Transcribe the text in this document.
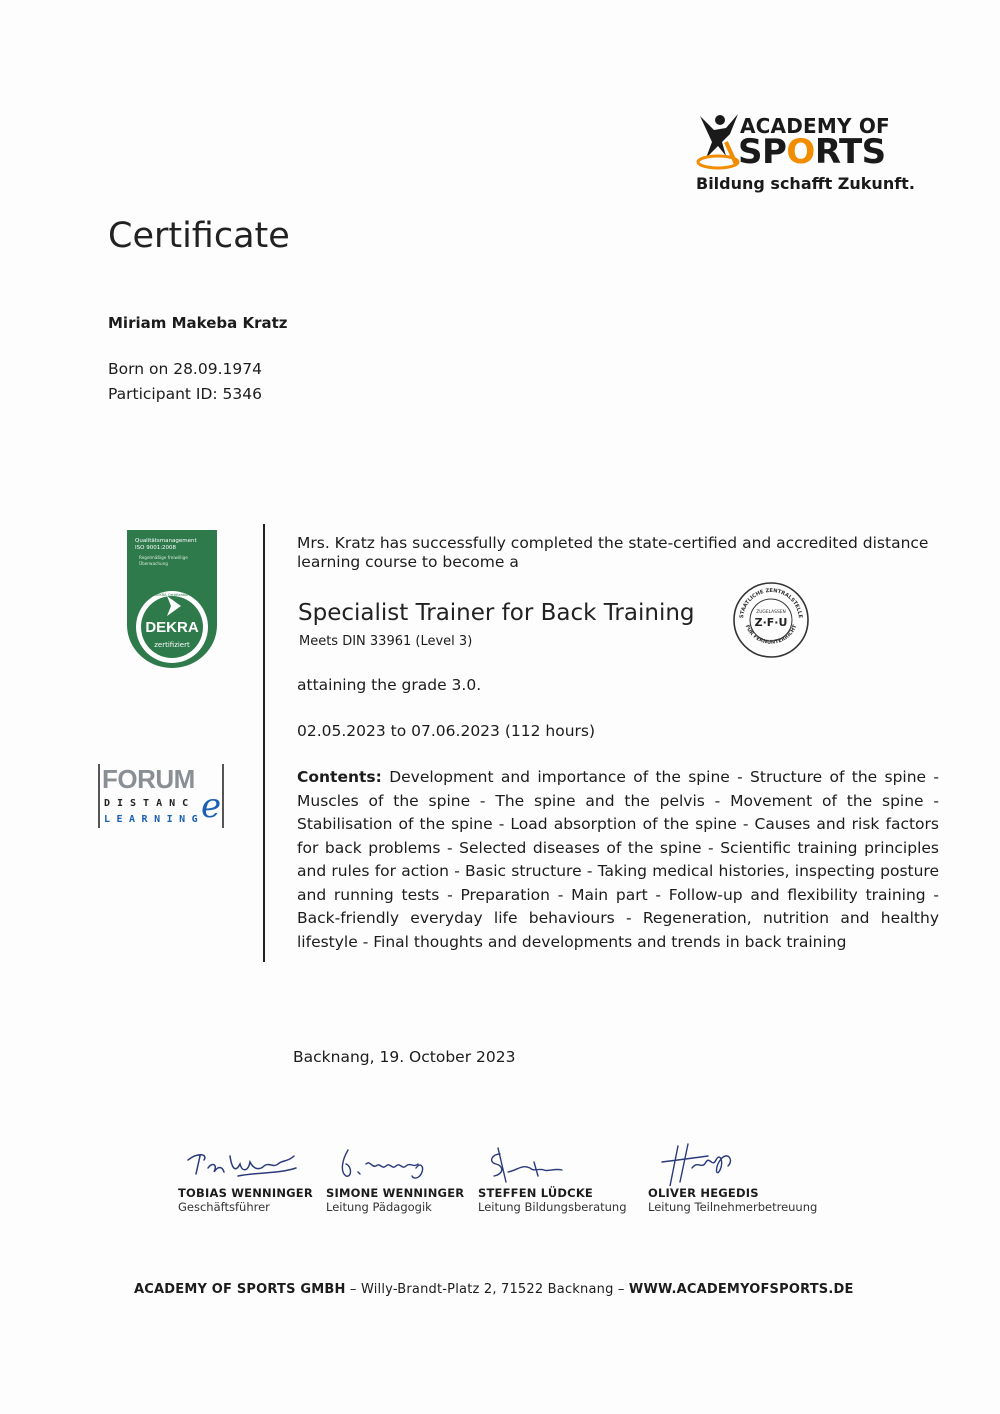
ACADEMY OF
SPORTS
Bildung schafft Zukunft.
Certificate
Miriam Makeba Kratz
Born on 28.09.1974
Participant ID: 5346
Qualitätsmanagement
ISO 9001:2008
Regelmäßige freiwillige
Überwachung
DEKRA
zertifiziert
DEKRA Certification
FORUM
DISTANC e
LEARNING
Mrs. Kratz has successfully completed the state-certified and accredited distance
learning course to become a
Specialist Trainer for Back Training
Meets DIN 33961 (Level 3)
STAATLICHE ZENTRALSTELLE
FÜR FERNUNTERRICHT
ZUGELASSEN
Z·F·U
attaining the grade 3.0.
02.05.2023 to 07.06.2023 (112 hours)
Contents: Development and importance of the spine - Structure of the spine - Muscles of the spine - The spine and the pelvis - Movement of the spine - Stabilisation of the spine - Load absorption of the spine - Causes and risk factors for back problems - Selected diseases of the spine - Scientific training principles and rules for action - Basic structure - Taking medical histories, inspecting posture and running tests - Preparation - Main part - Follow-up and flexibility training - Back-friendly everyday life behaviours - Regeneration, nutrition and healthy lifestyle - Final thoughts and developments and trends in back training
Backnang, 19. October 2023
TOBIAS WENNINGER
Geschäftsführer
SIMONE WENNINGER
Leitung Pädagogik
STEFFEN LÜDCKE
Leitung Bildungsberatung
OLIVER HEGEDIS
Leitung Teilnehmerbetreuung
ACADEMY OF SPORTS GMBH – Willy-Brandt-Platz 2, 71522 Backnang – WWW.ACADEMYOFSPORTS.DE
